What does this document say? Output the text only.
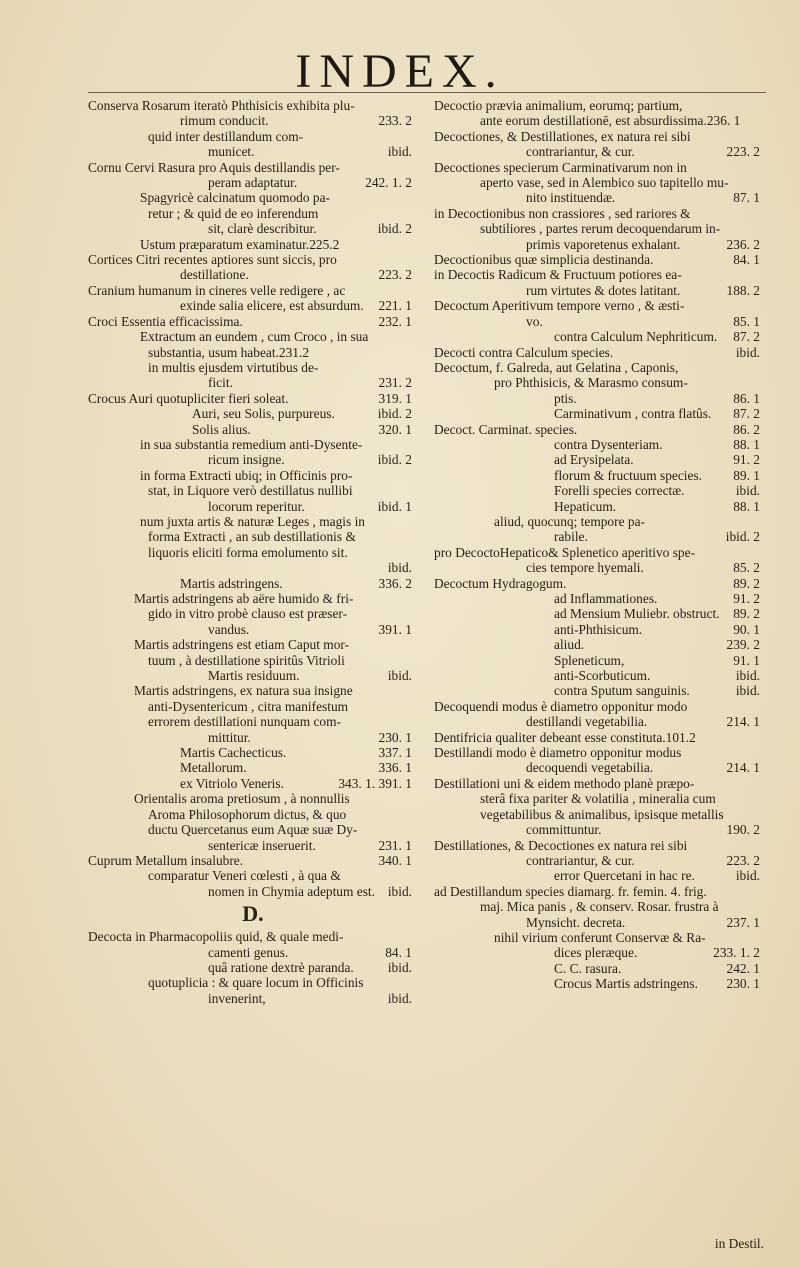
INDEX.
Conserva Rosarum iteratò Phthisicis exhibita plu-
rimum conducit.	233. 2
quid inter destillandum com-
municet.	ibid.
Cornu Cervi Rasura pro Aquis destillandis per-
peram adaptatur.	242. 1. 2
Spagyricè calcinatum quomodo pa-
retur ; & quid de eo inferendum
sit, clarè describitur.	ibid. 2
Ustum præparatum examinatur.225.2
Cortices Citri recentes aptiores sunt siccis, pro
destillatione.	223. 2
Cranium humanum in cineres velle redigere , ac
exinde salia elicere, est absurdum.	221. 1
Croci Essentia efficacissima.	232. 1
Extractum an eundem , cum Croco , in sua
substantia, usum habeat.231.2
in multis ejusdem virtutibus de-
ficit.	231. 2
Crocus Auri quotupliciter fieri soleat.	319. 1
Auri, seu Solis, purpureus.	ibid. 2
Solis alius.	320. 1
in sua substantia remedium anti-Dysente-
ricum insigne.	ibid. 2
in forma Extracti ubiq; in Officinis pro-
stat, in Liquore verò destillatus nullibi
locorum reperitur.	ibid. 1
num juxta artis & naturæ Leges , magis in
forma Extracti , an sub destillationis &
liquoris eliciti forma emolumento sit.
ibid.
Martis adstringens.	336. 2
Martis adstringens ab aëre humido & fri-
gido in vitro probè clauso est præser-
vandus.	391. 1
Martis adstringens est etiam Caput mor-
tuum , à destillatione spiritûs Vitrioli
Martis residuum.	ibid.
Martis adstringens, ex natura sua insigne
anti-Dysentericum , citra manifestum
errorem destillationi nunquam com-
mittitur.	230. 1
Martis Cachecticus.	337. 1
Metallorum.	336. 1
ex Vitriolo Veneris.	343. 1. 391. 1
Orientalis aroma pretiosum , à nonnullis
Aroma Philosophorum dictus, & quo
ductu Quercetanus eum Aquæ suæ Dy-
sentericæ inseruerit.	231. 1
Cuprum Metallum insalubre.	340. 1
comparatur Veneri cœlesti , à qua &
nomen in Chymia adeptum est. ibid.
D.
Decocta in Pharmacopoliis quid, & quale medi-
camenti genus.	84. 1
quâ ratione dextrè paranda.	ibid.
quotuplicia : & quare locum in Officinis
invenerint,	ibid.
Decoctio prævia animalium, eorumq; partium,
ante eorum destillationē, est absurdissima.236. 1
Decoctiones, & Destillationes, ex natura rei sibi
contrariantur, & cur.	223. 2
Decoctiones specierum Carminativarum non in
aperto vase, sed in Alembico suo tapitello mu-
nito instituendæ.	87. 1
in Decoctionibus non crassiores , sed rariores &
subtiliores , partes rerum decoquendarum in-
primis vaporetenus exhalant.	236. 2
Decoctionibus quæ simplicia destinanda.	84. 1
in Decoctis Radicum & Fructuum potiores ea-
rum virtutes & dotes latitant.	188. 2
Decoctum Aperitivum tempore verno , & æsti-
vo.	85. 1
contra Calculum Nephriticum.	87. 2
Decocti contra Calculum species.	ibid.
Decoctum, f. Galreda, aut Gelatina , Caponis,
pro Phthisicis, & Marasmo consum-
ptis.	86. 1
Carminativum , contra flatûs.	87. 2
Decoct. Carminat. species.	86. 2
contra Dysenteriam.	88. 1
ad Erysipelata.	91. 2
florum & fructuum species.	89. 1
Forelli species correctæ.	ibid.
Hepaticum.	88. 1
aliud, quocunq; tempore pa-
rabile.	ibid. 2
pro DecoctoHepatico& Splenetico aperitivo spe-
cies tempore hyemali.	85. 2
Decoctum Hydragogum.	89. 2
ad Inflammationes.	91. 2
ad Mensium Muliebr. obstruct.	89. 2
anti-Phthisicum.	90. 1
aliud.	239. 2
Spleneticum,	91. 1
anti-Scorbuticum.	ibid.
contra Sputum sanguinis.	ibid.
Decoquendi modus è diametro opponitur modo
destillandi vegetabilia.	214. 1
Dentifricia qualiter debeant esse constituta.101.2
Destillandi modo è diametro opponitur modus
decoquendi vegetabilia.	214. 1
Destillationi uni & eidem methodo planè præpo-
sterâ fixa pariter & volatilia , mineralia cum
vegetabilibus & animalibus, ipsisque metallis
committuntur.	190. 2
Destillationes, & Decoctiones ex natura rei sibi
contrariantur, & cur.	223. 2
error Quercetani in hac re.	ibid.
ad Destillandum species diamarg. fr. femin. 4. frig.
maj. Mica panis , & conserv. Rosar. frustra à
Mynsicht. decreta.	237. 1
nihil virium conferunt Conservæ & Ra-
dices pleræque.	233. 1. 2
C. C. rasura.	242. 1
Crocus Martis adstringens.	230. 1
in Destil.
